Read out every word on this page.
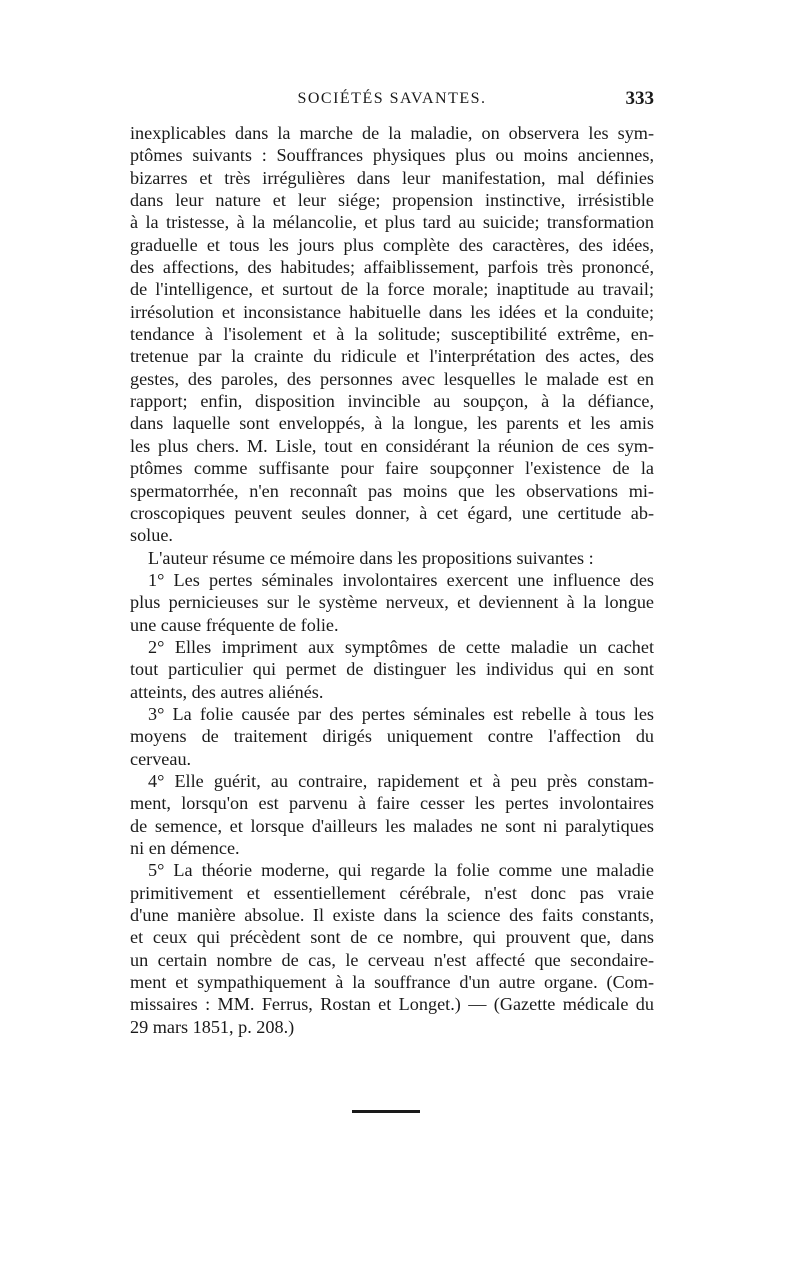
SOCIÉTÉS SAVANTES.	333
inexplicables dans la marche de la maladie, on observera les sym-
ptômes suivants : Souffrances physiques plus ou moins anciennes,
bizarres et très irrégulières dans leur manifestation, mal définies
dans leur nature et leur siége; propension instinctive, irrésistible
à la tristesse, à la mélancolie, et plus tard au suicide; transformation
graduelle et tous les jours plus complète des caractères, des idées,
des affections, des habitudes; affaiblissement, parfois très prononcé,
de l'intelligence, et surtout de la force morale; inaptitude au travail;
irrésolution et inconsistance habituelle dans les idées et la conduite;
tendance à l'isolement et à la solitude; susceptibilité extrême, en-
tretenue par la crainte du ridicule et l'interprétation des actes, des
gestes, des paroles, des personnes avec lesquelles le malade est en
rapport; enfin, disposition invincible au soupçon, à la défiance,
dans laquelle sont enveloppés, à la longue, les parents et les amis
les plus chers. M. Lisle, tout en considérant la réunion de ces sym-
ptômes comme suffisante pour faire soupçonner l'existence de la
spermatorrhée, n'en reconnaît pas moins que les observations mi-
croscopiques peuvent seules donner, à cet égard, une certitude ab-
solue.
L'auteur résume ce mémoire dans les propositions suivantes :
1° Les pertes séminales involontaires exercent une influence des
plus pernicieuses sur le système nerveux, et deviennent à la longue
une cause fréquente de folie.
2° Elles impriment aux symptômes de cette maladie un cachet
tout particulier qui permet de distinguer les individus qui en sont
atteints, des autres aliénés.
3° La folie causée par des pertes séminales est rebelle à tous les
moyens de traitement dirigés uniquement contre l'affection du
cerveau.
4° Elle guérit, au contraire, rapidement et à peu près constam-
ment, lorsqu'on est parvenu à faire cesser les pertes involontaires
de semence, et lorsque d'ailleurs les malades ne sont ni paralytiques
ni en démence.
5° La théorie moderne, qui regarde la folie comme une maladie
primitivement et essentiellement cérébrale, n'est donc pas vraie
d'une manière absolue. Il existe dans la science des faits constants,
et ceux qui précèdent sont de ce nombre, qui prouvent que, dans
un certain nombre de cas, le cerveau n'est affecté que secondaire-
ment et sympathiquement à la souffrance d'un autre organe. (Com-
missaires : MM. Ferrus, Rostan et Longet.) — (Gazette médicale du
29 mars 1851, p. 208.)
